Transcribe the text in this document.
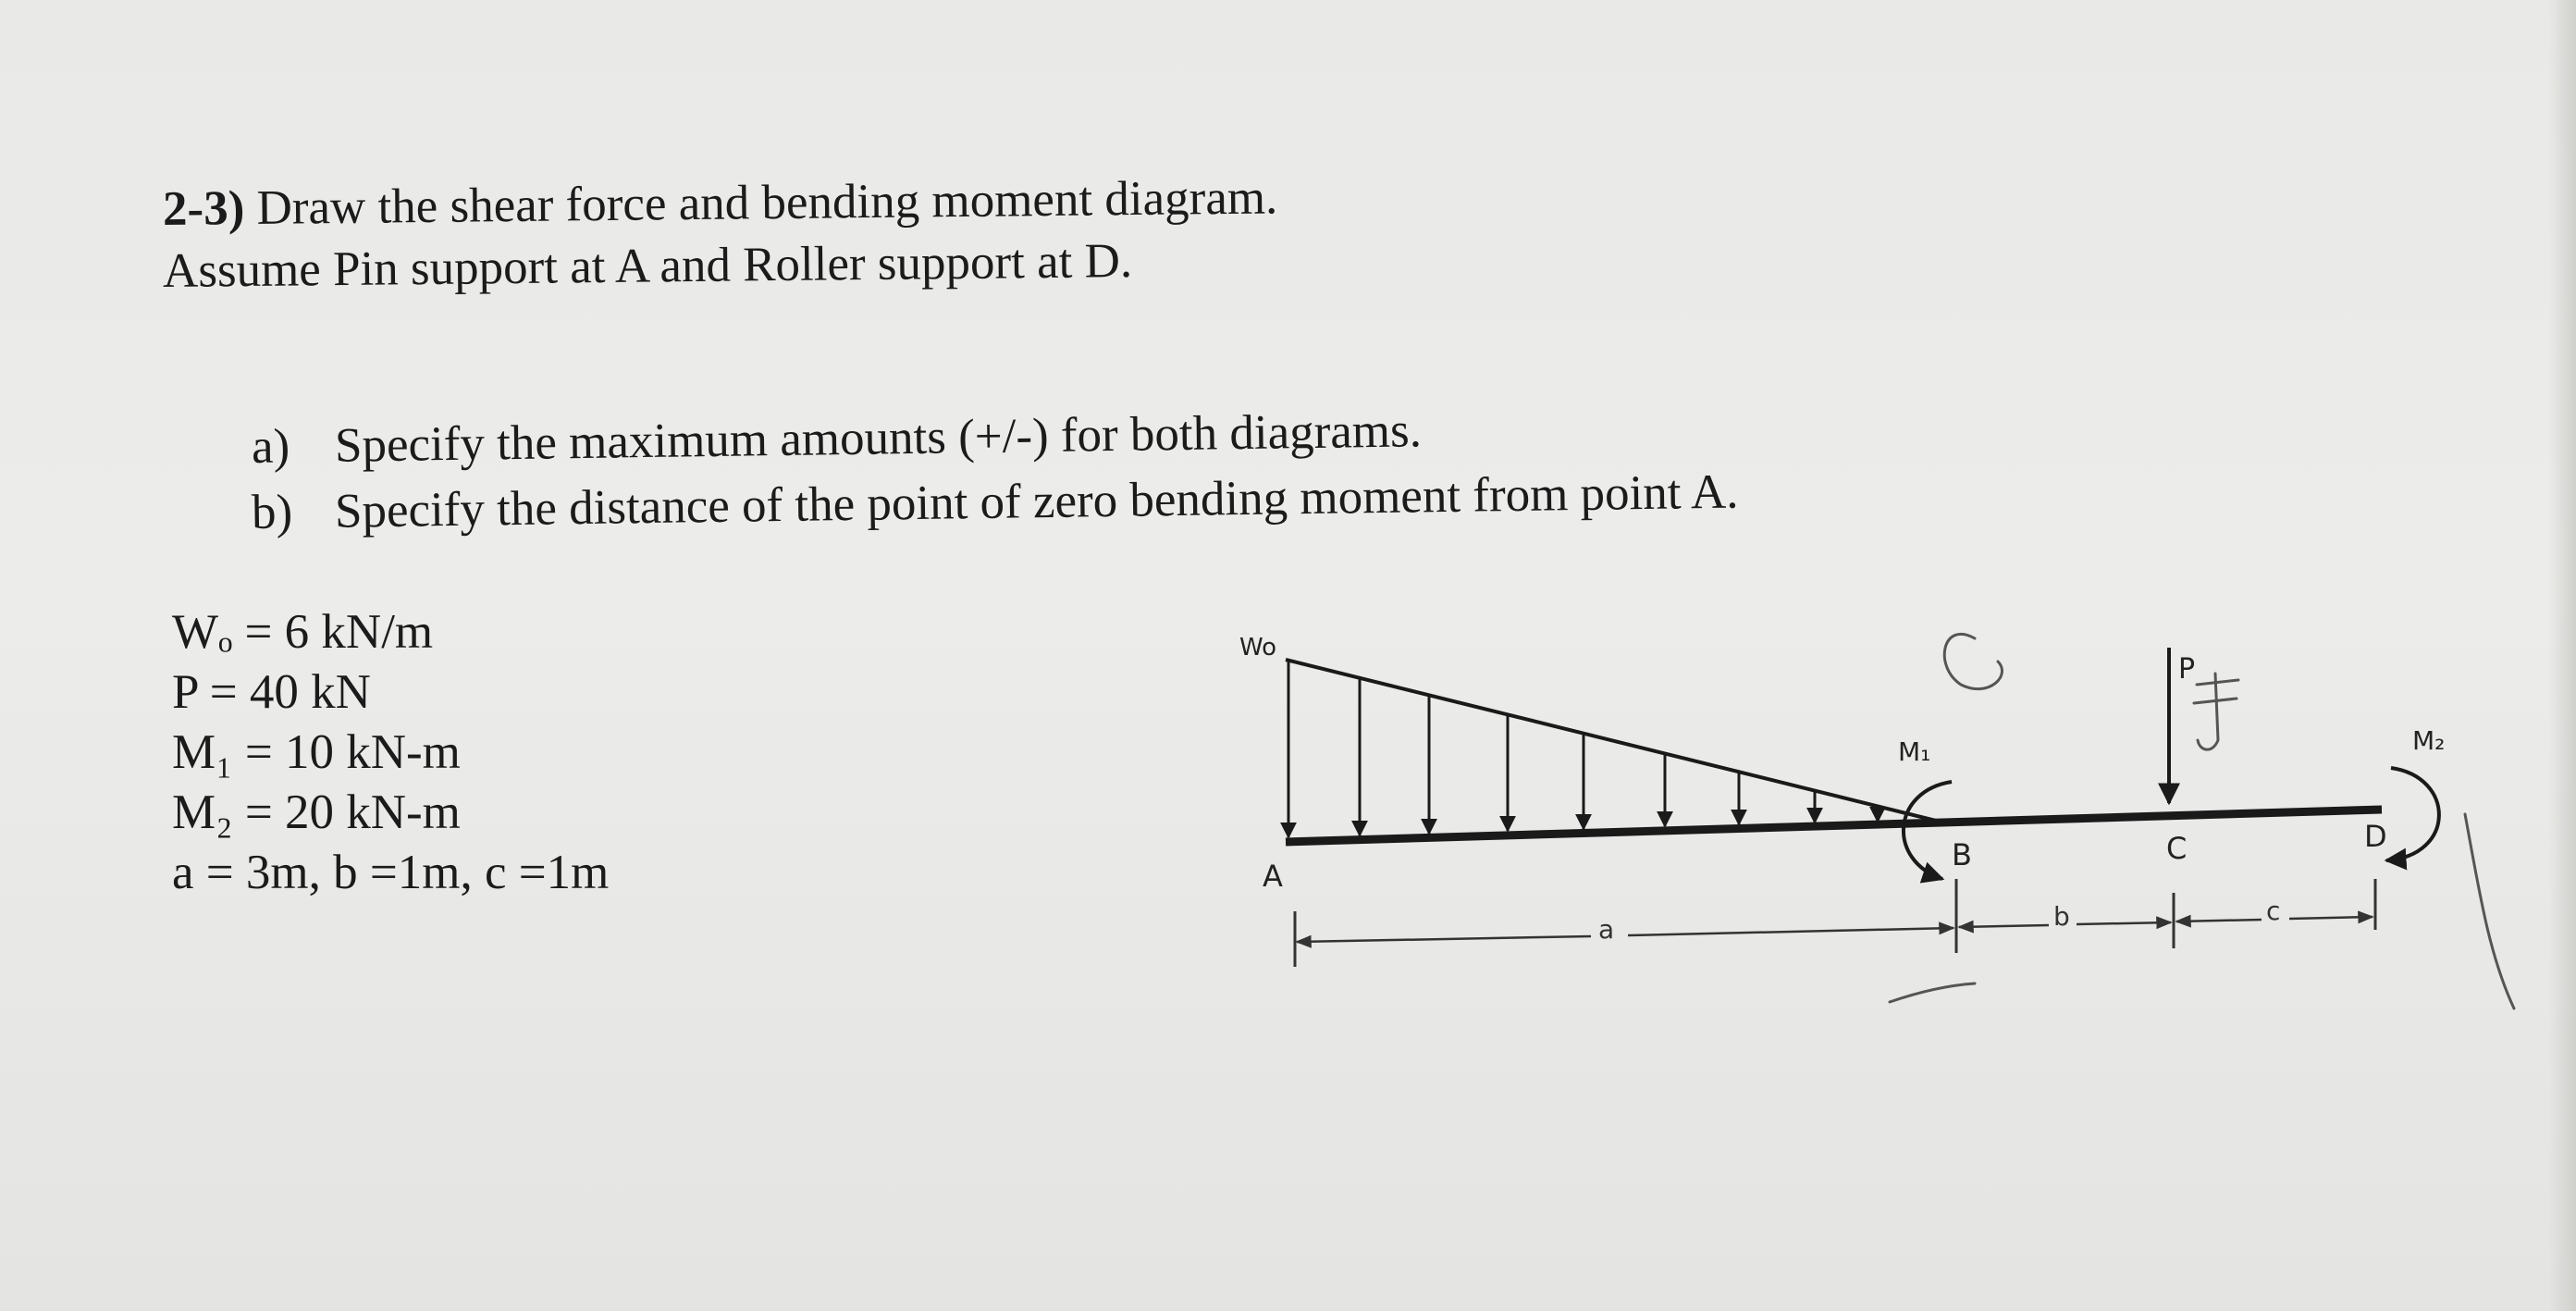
2-3) Draw the shear force and bending moment diagram.
Assume Pin support at A and Roller support at D.
a) Specify the maximum amounts (+/-) for both diagrams.
b) Specify the distance of the point of zero bending moment from point A.
Wₒ = 6 kN/m
P = 40 kN
M₁ = 10 kN-m
M₂ = 20 kN-m
a = 3m, b =1m, c =1m
Wo
M₁
P
M₂
A
B	C	D
a	b	c
